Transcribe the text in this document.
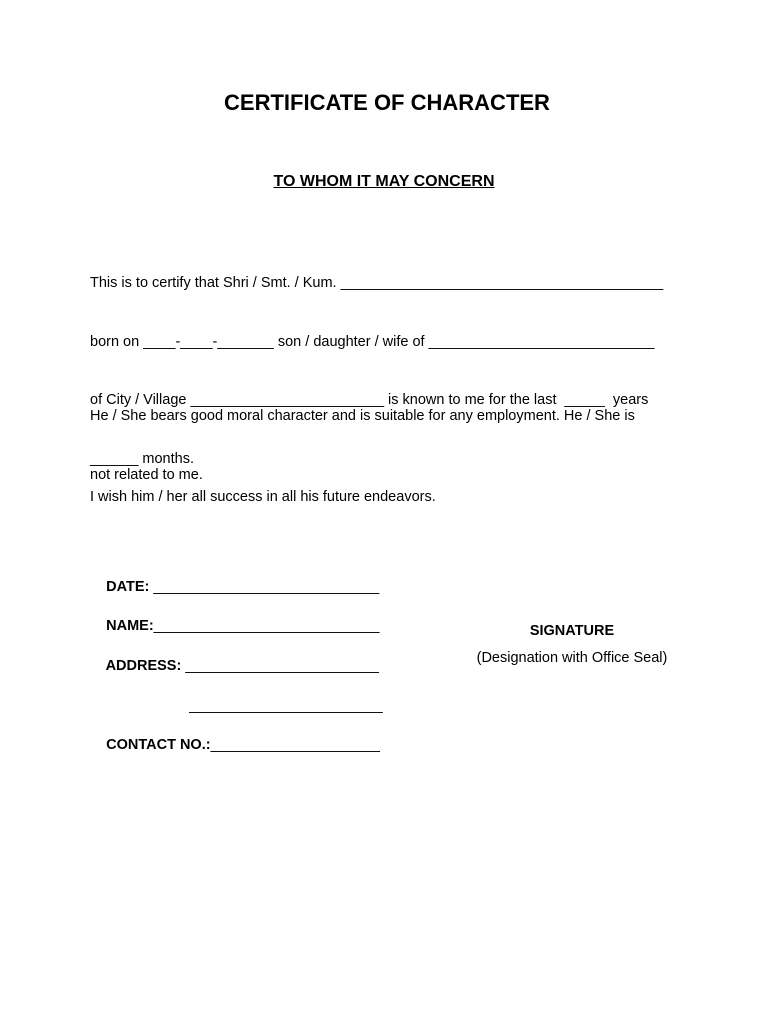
CERTIFICATE OF CHARACTER
TO WHOM IT MAY CONCERN

This is to certify that Shri / Smt. / Kum. ________________________________________

born on ____-____-_______ son / daughter / wife of ____________________________

of City / Village ________________________ is known to me for the last  _____  years

______ months.

He / She bears good moral character and is suitable for any employment. He / She is

not related to me.

I wish him / her all success in all his future endeavors.

DATE: ____________________________

NAME:____________________________

ADDRESS: ________________________

________________________

CONTACT NO.:_____________________

SIGNATURE
(Designation with Office Seal)
